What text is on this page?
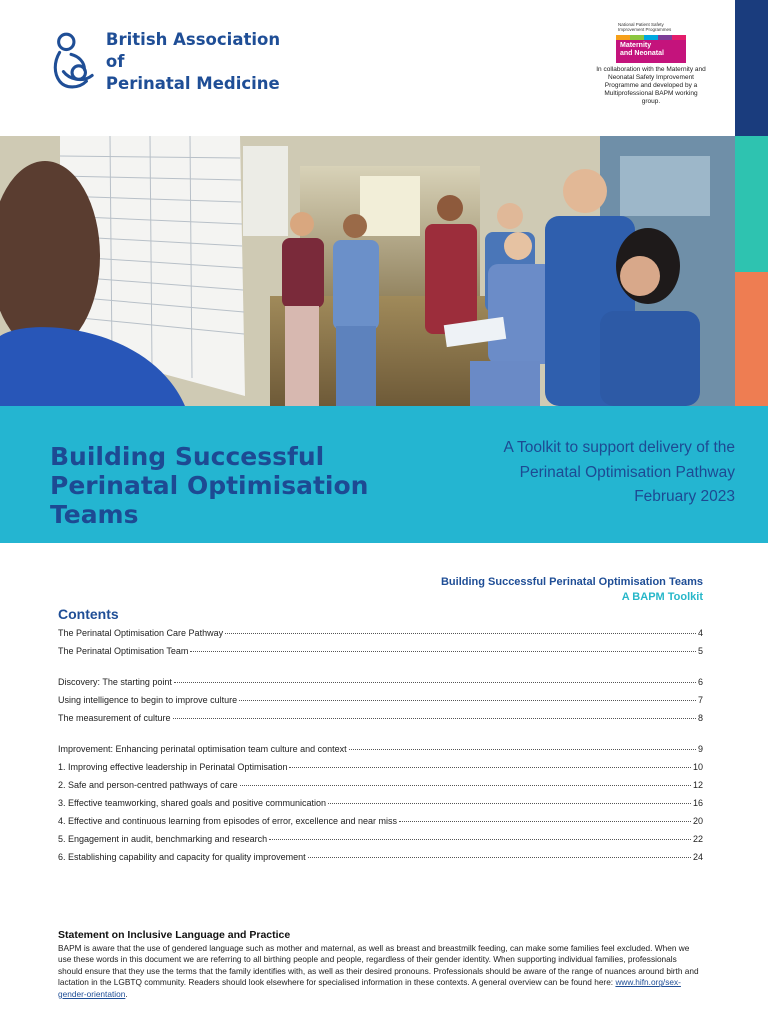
British Association of
Perinatal Medicine
National Patient Safety
Improvement Programmes
Maternity
and Neonatal
In collaboration with the Maternity and Neonatal Safety Improvement Programme and developed by a Multiprofessional BAPM working group.
Building Successful Perinatal Optimisation Teams
A Toolkit to support delivery of the
Perinatal Optimisation Pathway
February 2023
Building Successful Perinatal Optimisation Teams
A BAPM Toolkit
Contents
The Perinatal Optimisation Care Pathway	4
The Perinatal Optimisation Team	5
Discovery: The starting point	6
Using intelligence to begin to improve culture	7
The measurement of culture	8
Improvement: Enhancing perinatal optimisation team culture and context	9
1. Improving effective leadership in Perinatal Optimisation	10
2. Safe and person-centred pathways of care	12
3. Effective teamworking, shared goals and positive communication	16
4. Effective and continuous learning from episodes of error, excellence and near miss	20
5. Engagement in audit, benchmarking and research	22
6. Establishing capability and capacity for quality improvement	24
Statement on Inclusive Language and Practice
BAPM is aware that the use of gendered language such as mother and maternal, as well as breast and breastmilk feeding, can make some families feel excluded. When we use these words in this document we are referring to all birthing people and people, regardless of their gender identity. When supporting individual families, professionals should ensure that they use the terms that the family identifies with, as well as their desired pronouns. Professionals should be aware of the range of nuances around birth and lactation in the LGBTQ community. Readers should look elsewhere for specialised information in these contexts. A general overview can be found here: www.hifn.org/sex-gender-orientation.
